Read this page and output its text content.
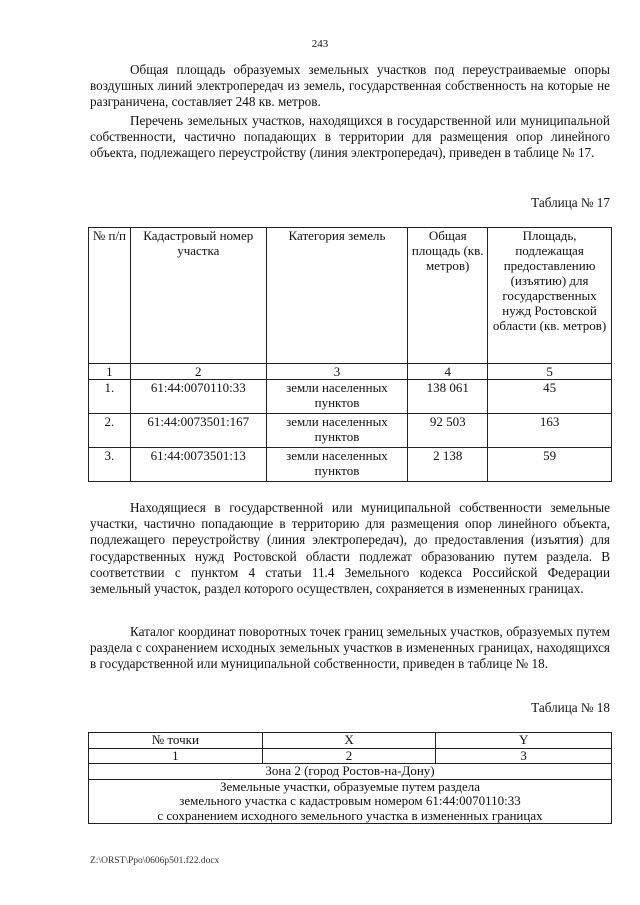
243

Общая площадь образуемых земельных участков под переустраиваемые опоры воздушных линий электропередач из земель, государственная собственность на которые не разграничена, составляет 248 кв. метров.

Перечень земельных участков, находящихся в государственной или муниципальной собственности, частично попадающих в территории для размещения опор линейного объекта, подлежащего переустройству (линия электропередач), приведен в таблице № 17.

Таблица № 17
№ п/п	Кадастровый номер участка	Категория земель	Общая площадь (кв. метров)	Площадь, подлежащая предоставлению (изъятию) для государственных нужд Ростовской области (кв. метров)
1	2	3	4	5
1.	61:44:0070110:33	земли населенных пунктов	138 061	45
2.	61:44:0073501:167	земли населенных пунктов	92 503	163
3.	61:44:0073501:13	земли населенных пунктов	2 138	59

Находящиеся в государственной или муниципальной собственности земельные участки, частично попадающие в территорию для размещения опор линейного объекта, подлежащего переустройству (линия электропередач), до предоставления (изъятия) для государственных нужд Ростовской области подлежат образованию путем раздела. В соответствии с пунктом 4 статьи 11.4 Земельного кодекса Российской Федерации земельный участок, раздел которого осуществлен, сохраняется в измененных границах.

Каталог координат поворотных точек границ земельных участков, образуемых путем раздела с сохранением исходных земельных участков в измененных границах, находящихся в государственной или муниципальной собственности, приведен в таблице № 18.

Таблица № 18
№ точки	X	Y
1	2	3
Зона 2 (город Ростов-на-Дону)		

Земельные участки, образуемые путем раздела
земельного участка с кадастровым номером 61:44:0070110:33
с сохранением исходного земельного участка в измененных границах		
Z:\ORST\Ppo\0606p501.f22.docx
